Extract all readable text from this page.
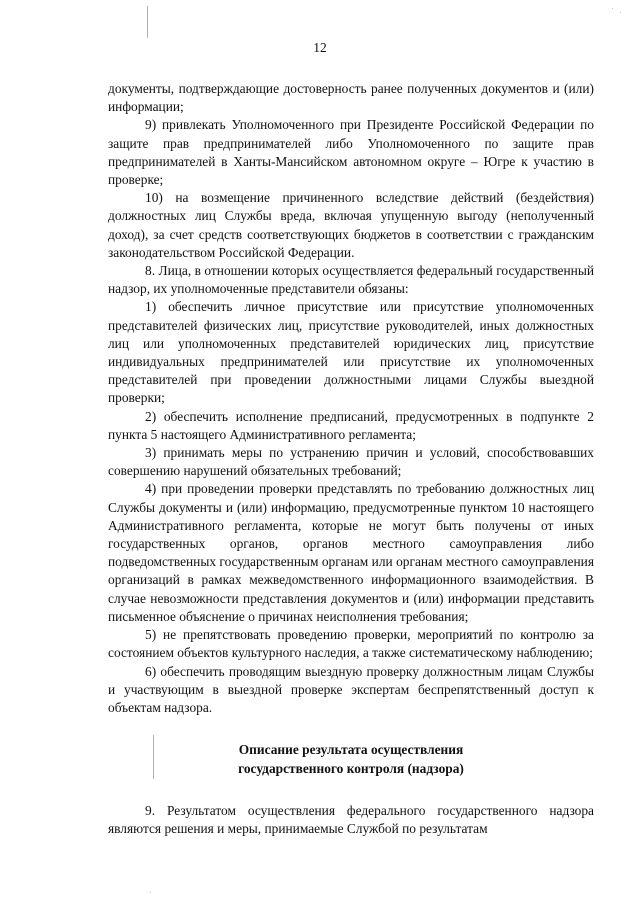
12

документы, подтверждающие достоверность ранее полученных документов и (или) информации;

9) привлекать Уполномоченного при Президенте Российской Федерации по защите прав предпринимателей либо Уполномоченного по защите прав предпринимателей в Ханты-Мансийском автономном округе – Югре к участию в проверке;

10) на возмещение причиненного вследствие действий (бездействия) должностных лиц Службы вреда, включая упущенную выгоду (неполученный доход), за счет средств соответствующих бюджетов в соответствии с гражданским законодательством Российской Федерации.

8. Лица, в отношении которых осуществляется федеральный государственный надзор, их уполномоченные представители обязаны:

1) обеспечить личное присутствие или присутствие уполномоченных представителей физических лиц, присутствие руководителей, иных должностных лиц или уполномоченных представителей юридических лиц, присутствие индивидуальных предпринимателей или присутствие их уполномоченных представителей при проведении должностными лицами Службы выездной проверки;

2) обеспечить исполнение предписаний, предусмотренных в подпункте 2 пункта 5 настоящего Административного регламента;

3) принимать меры по устранению причин и условий, способствовавших совершению нарушений обязательных требований;

4) при проведении проверки представлять по требованию должностных лиц Службы документы и (или) информацию, предусмотренные пунктом 10 настоящего Административного регламента, которые не могут быть получены от иных государственных органов, органов местного самоуправления либо подведомственных государственным органам или органам местного самоуправления организаций в рамках межведомственного информационного взаимодействия. В случае невозможности представления документов и (или) информации представить письменное объяснение о причинах неисполнения требования;

5) не препятствовать проведению проверки, мероприятий по контролю за состоянием объектов культурного наследия, а также систематическому наблюдению;

6) обеспечить проводящим выездную проверку должностным лицам Службы и участвующим в выездной проверке экспертам беспрепятственный доступ к объектам надзора.

Описание результата осуществления
государственного контроля (надзора)

9. Результатом осуществления федерального государственного надзора являются решения и меры, принимаемые Службой по результатам
